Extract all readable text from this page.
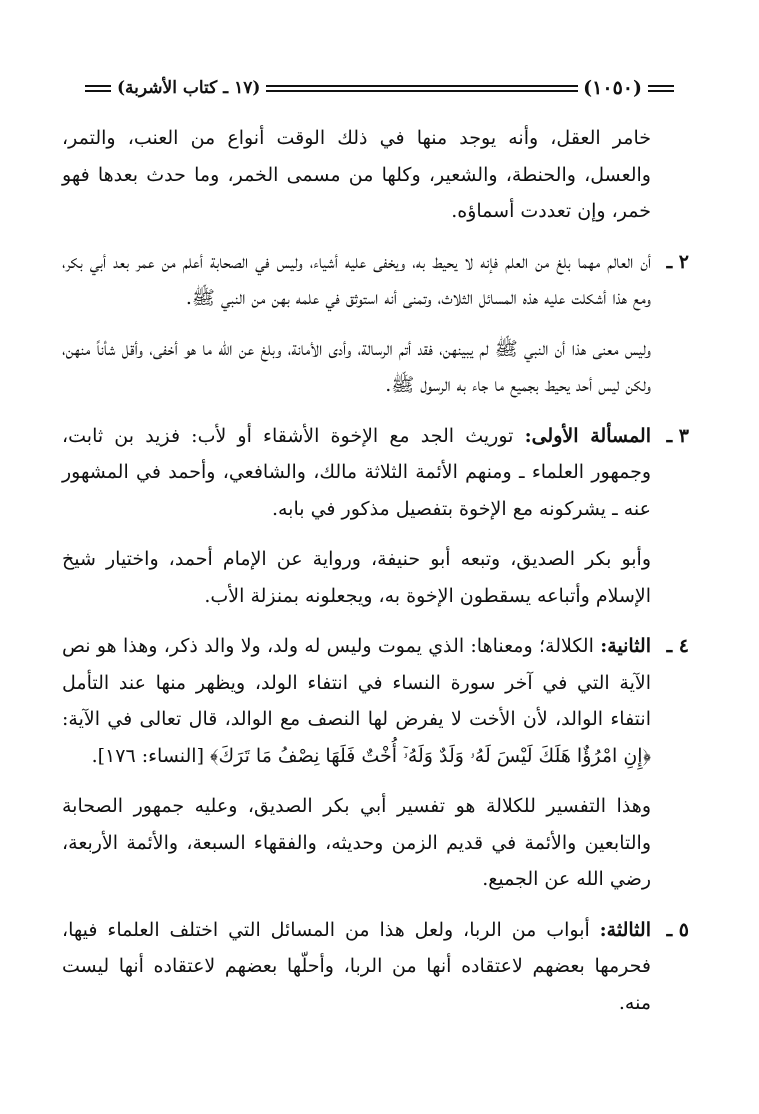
(١٠٥٠)
(١٧ ـ كتاب الأشربة)

خامر العقل، وأنه يوجد منها في ذلك الوقت أنواع من العنب، والتمر، والعسل، والحنطة، والشعير، وكلها من مسمى الخمر، وما حدث بعدها فهو خمر، وإن تعددت أسماؤه.

٢ ـ

أن العالم مهما بلغ من العلم فإنه لا يحيط به، ويخفى عليه أشياء، وليس في الصحابة أعلم من عمر بعد أبي بكر، ومع هذا أشكلت عليه هذه المسائل الثلاث، وتمنى أنه استوثق في علمه بهن من النبي ﷺ.

وليس معنى هذا أن النبي ﷺ لم يبينهن، فقد أتم الرسالة، وأدى الأمانة، وبلغ عن الله ما هو أخفى، وأقل شأناً منهن، ولكن ليس أحد يحيط بجميع ما جاء به الرسول ﷺ.

٣ ـ

المسألة الأولى: توريث الجد مع الإخوة الأشقاء أو لأب: فزيد بن ثابت، وجمهور العلماء ـ ومنهم الأئمة الثلاثة مالك، والشافعي، وأحمد في المشهور عنه ـ يشركونه مع الإخوة بتفصيل مذكور في بابه.

وأبو بكر الصديق، وتبعه أبو حنيفة، ورواية عن الإمام أحمد، واختيار شيخ الإسلام وأتباعه يسقطون الإخوة به، ويجعلونه بمنزلة الأب.

٤ ـ

الثانية: الكلالة؛ ومعناها: الذي يموت وليس له ولد، ولا والد ذكر، وهذا هو نص الآية التي في آخر سورة النساء في انتفاء الولد، ويظهر منها عند التأمل انتفاء الوالد، لأن الأخت لا يفرض لها النصف مع الوالد، قال تعالى في الآية: ﴿إِنِ امْرُؤٌا هَلَكَ لَيْسَ لَهُۥ وَلَدٌ وَلَهُۥٓ أُخْتٌ فَلَهَا نِصْفُ مَا تَرَكَ﴾ [النساء: ١٧٦].

وهذا التفسير للكلالة هو تفسير أبي بكر الصديق، وعليه جمهور الصحابة والتابعين والأئمة في قديم الزمن وحديثه، والفقهاء السبعة، والأئمة الأربعة، رضي الله عن الجميع.

٥ ـ

الثالثة: أبواب من الربا، ولعل هذا من المسائل التي اختلف العلماء فيها، فحرمها بعضهم لاعتقاده أنها من الربا، وأحلّها بعضهم لاعتقاده أنها ليست منه.
